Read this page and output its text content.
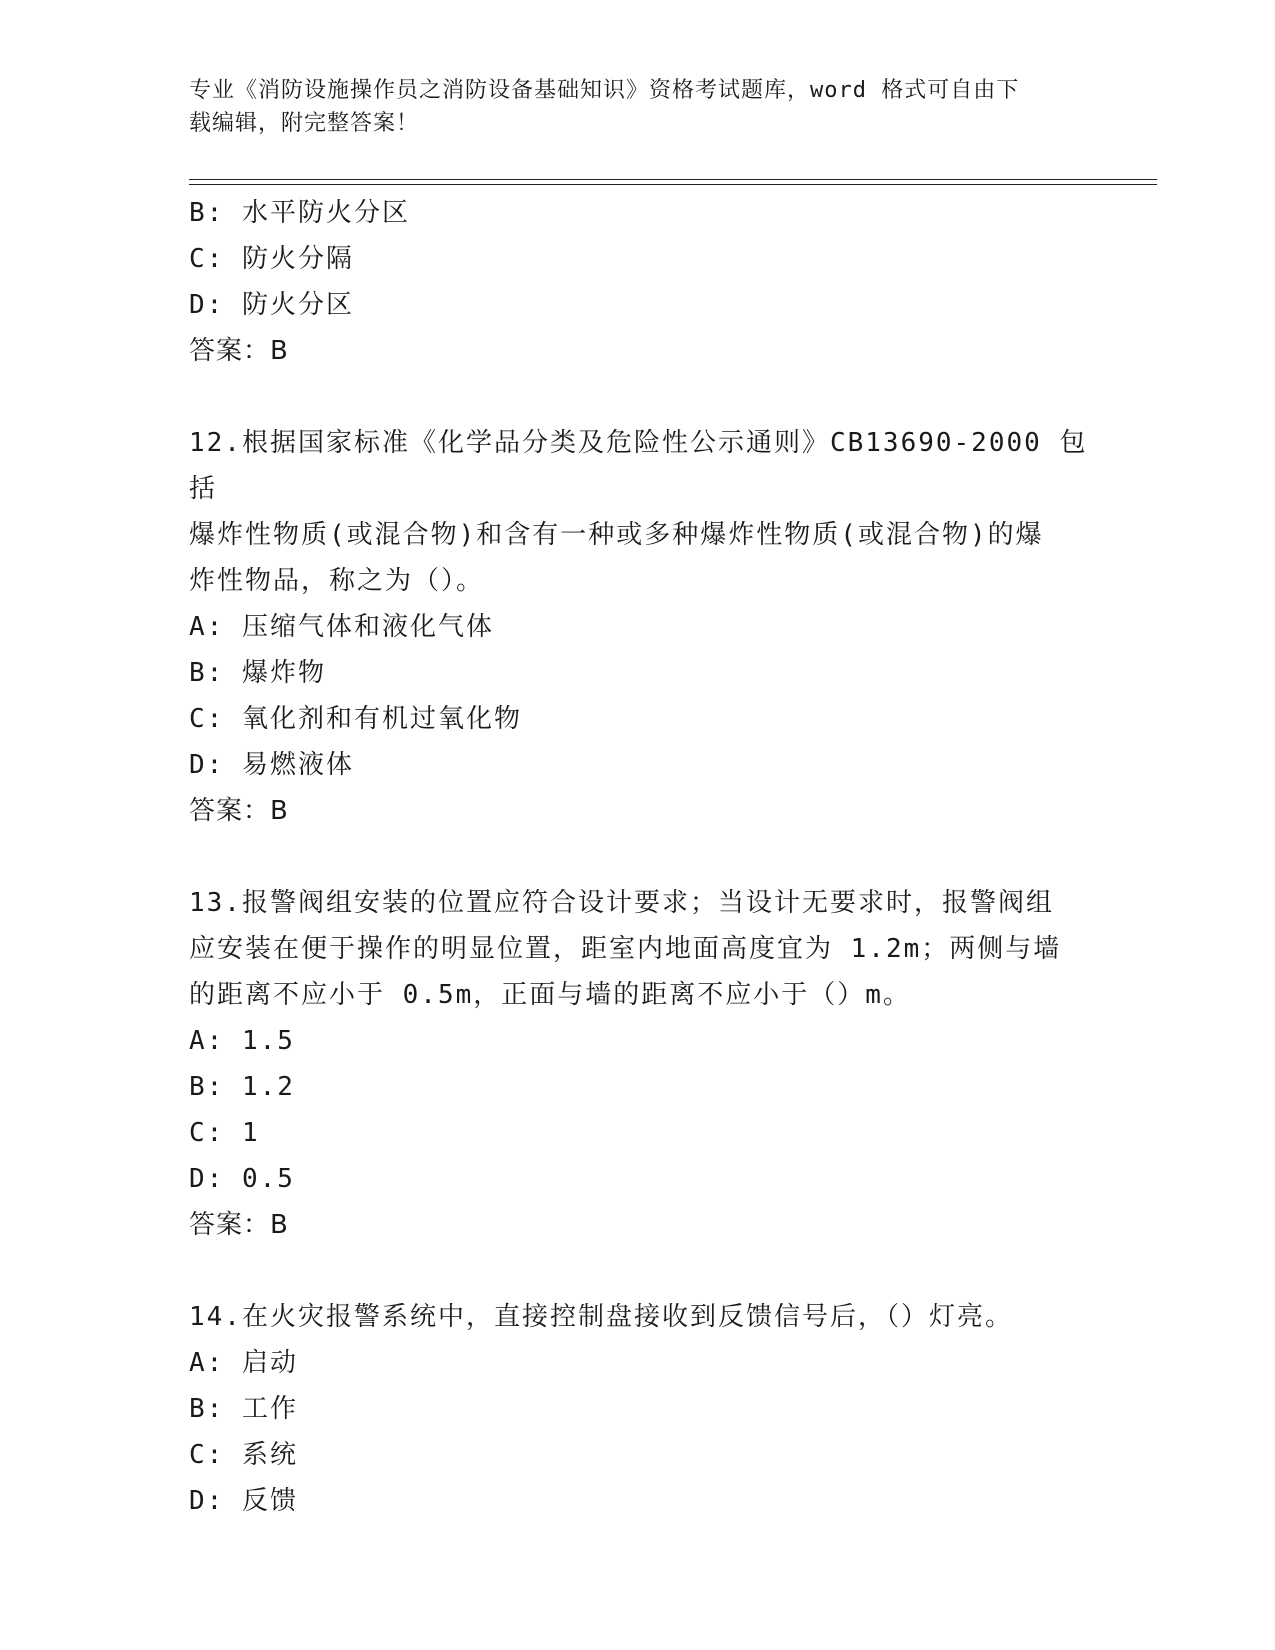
专业《消防设施操作员之消防设备基础知识》资格考试题库，word 格式可自由下
载编辑，附完整答案！
B: 水平防火分区
C: 防火分隔
D: 防火分区
答案：B
12.根据国家标准《化学品分类及危险性公示通则》CB13690-2000 包括
爆炸性物质(或混合物)和含有一种或多种爆炸性物质(或混合物)的爆
炸性物品，称之为（）。
A: 压缩气体和液化气体
B: 爆炸物
C: 氧化剂和有机过氧化物
D: 易燃液体
答案：B
13.报警阀组安装的位置应符合设计要求；当设计无要求时，报警阀组
应安装在便于操作的明显位置，距室内地面高度宜为 1.2m；两侧与墙
的距离不应小于 0.5m，正面与墙的距离不应小于（）m。
A: 1.5
B: 1.2
C: 1
D: 0.5
答案：B
14.在火灾报警系统中，直接控制盘接收到反馈信号后，（）灯亮。
A: 启动
B: 工作
C: 系统
D: 反馈
